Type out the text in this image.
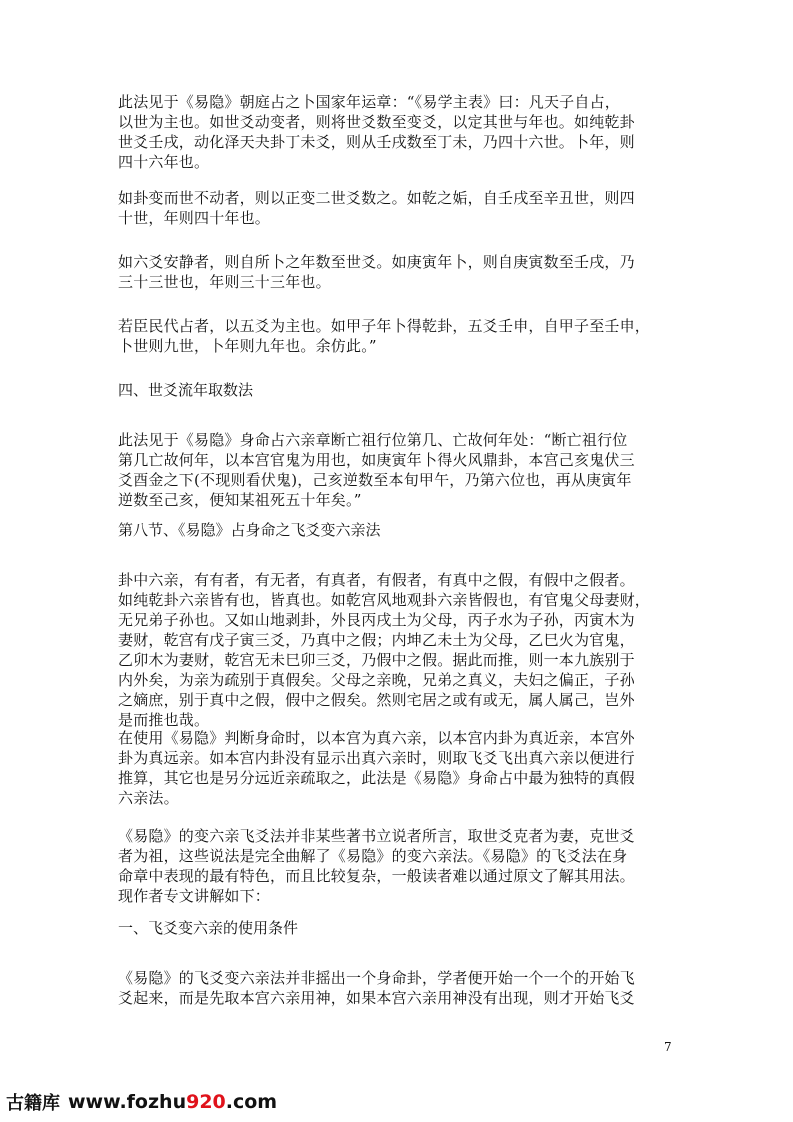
此法见于《易隐》朝庭占之卜国家年运章：“《易学主表》曰：凡天子自占，
以世为主也。如世爻动变者，则将世爻数至变爻，以定其世与年也。如纯乾卦
世爻壬戌，动化泽天夬卦丁未爻，则从壬戌数至丁未，乃四十六世。卜年，则
四十六年也。
如卦变而世不动者，则以正变二世爻数之。如乾之姤，自壬戌至辛丑世，则四
十世，年则四十年也。
如六爻安静者，则自所卜之年数至世爻。如庚寅年卜，则自庚寅数至壬戌，乃
三十三世也，年则三十三年也。
若臣民代占者，以五爻为主也。如甲子年卜得乾卦，五爻壬申，自甲子至壬申，
卜世则九世，卜年则九年也。余仿此。”
四、世爻流年取数法
此法见于《易隐》身命占六亲章断亡祖行位第几、亡故何年处：“断亡祖行位
第几亡故何年，以本宫官鬼为用也，如庚寅年卜得火风鼎卦，本宫己亥鬼伏三
爻酉金之下(不现则看伏鬼)，己亥逆数至本旬甲午，乃第六位也，再从庚寅年
逆数至己亥，便知某祖死五十年矣。”
第八节、《易隐》占身命之飞爻变六亲法
卦中六亲，有有者，有无者，有真者，有假者，有真中之假，有假中之假者。
如纯乾卦六亲皆有也，皆真也。如乾宫风地观卦六亲皆假也，有官鬼父母妻财，
无兄弟子孙也。又如山地剥卦，外艮丙戌土为父母，丙子水为子孙，丙寅木为
妻财，乾宫有戊子寅三爻，乃真中之假；内坤乙未土为父母，乙巳火为官鬼，
乙卯木为妻财，乾宫无未巳卯三爻，乃假中之假。据此而推，则一本九族别于
内外矣，为亲为疏别于真假矣。父母之亲晚，兄弟之真义，夫妇之偏正，子孙
之嫡庶，别于真中之假，假中之假矣。然则宅居之或有或无，属人属己，岂外
是而推也哉。
在使用《易隐》判断身命时，以本宫为真六亲，以本宫内卦为真近亲，本宫外
卦为真远亲。如本宫内卦没有显示出真六亲时，则取飞爻飞出真六亲以便进行
推算，其它也是另分远近亲疏取之，此法是《易隐》身命占中最为独特的真假
六亲法。
《易隐》的变六亲飞爻法并非某些著书立说者所言，取世爻克者为妻，克世爻
者为祖，这些说法是完全曲解了《易隐》的变六亲法。《易隐》的飞爻法在身
命章中表现的最有特色，而且比较复杂，一般读者难以通过原文了解其用法。
现作者专文讲解如下：
一、飞爻变六亲的使用条件
《易隐》的飞爻变六亲法并非摇出一个身命卦，学者便开始一个一个的开始飞
爻起来，而是先取本宫六亲用神，如果本宫六亲用神没有出现，则才开始飞爻
7
古籍库 www.fozhu920.com
